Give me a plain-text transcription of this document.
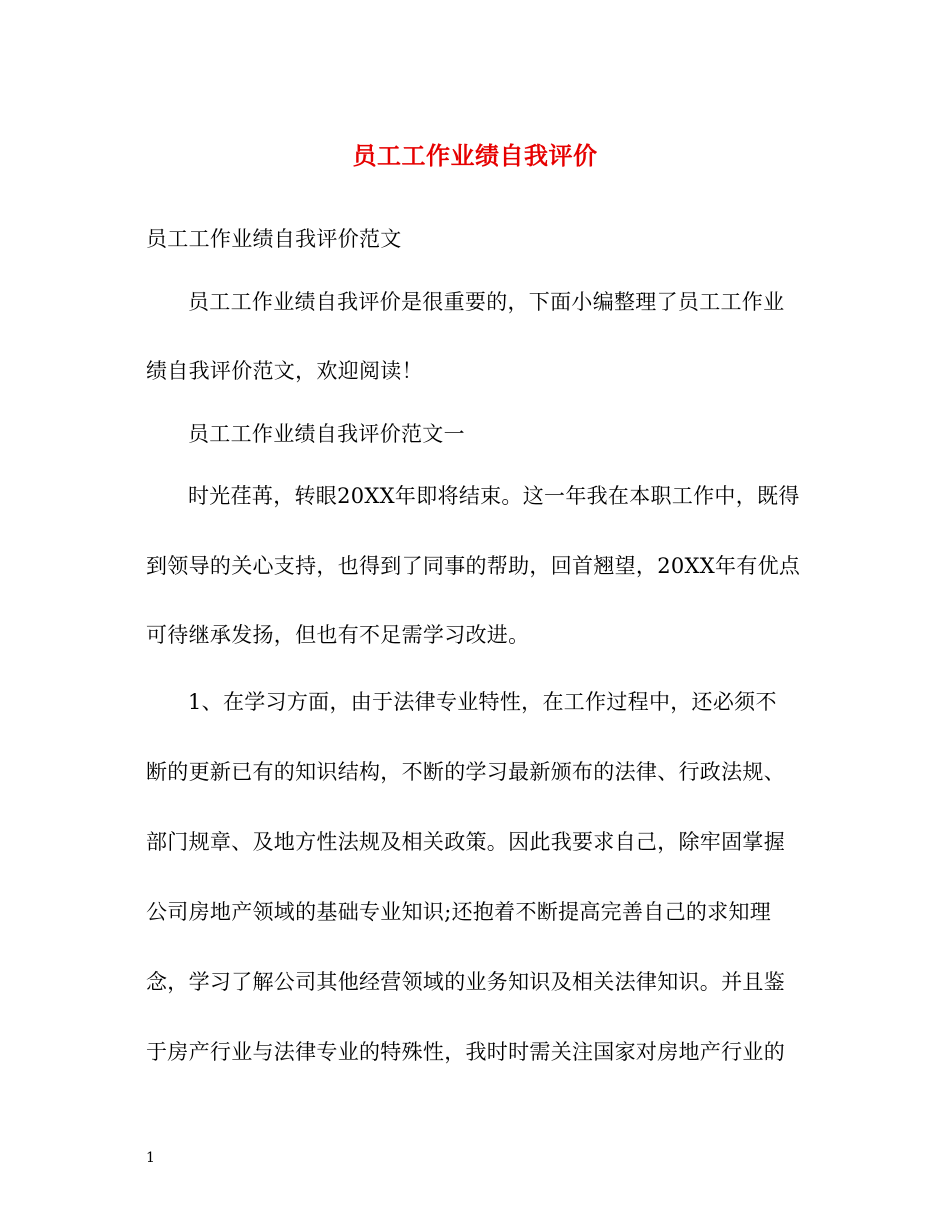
员工工作业绩自我评价
员工工作业绩自我评价范文
员工工作业绩自我评价是很重要的，下面小编整理了员工工作业
绩自我评价范文，欢迎阅读！
员工工作业绩自我评价范文一
时光荏苒，转眼20XX年即将结束。这一年我在本职工作中，既得
到领导的关心支持，也得到了同事的帮助，回首翘望，20XX年有优点
可待继承发扬，但也有不足需学习改进。
1、在学习方面，由于法律专业特性，在工作过程中，还必须不
断的更新已有的知识结构，不断的学习最新颁布的法律、行政法规、
部门规章、及地方性法规及相关政策。因此我要求自己，除牢固掌握
公司房地产领域的基础专业知识;还抱着不断提高完善自己的求知理
念，学习了解公司其他经营领域的业务知识及相关法律知识。并且鉴
于房产行业与法律专业的特殊性，我时时需关注国家对房地产行业的
1
